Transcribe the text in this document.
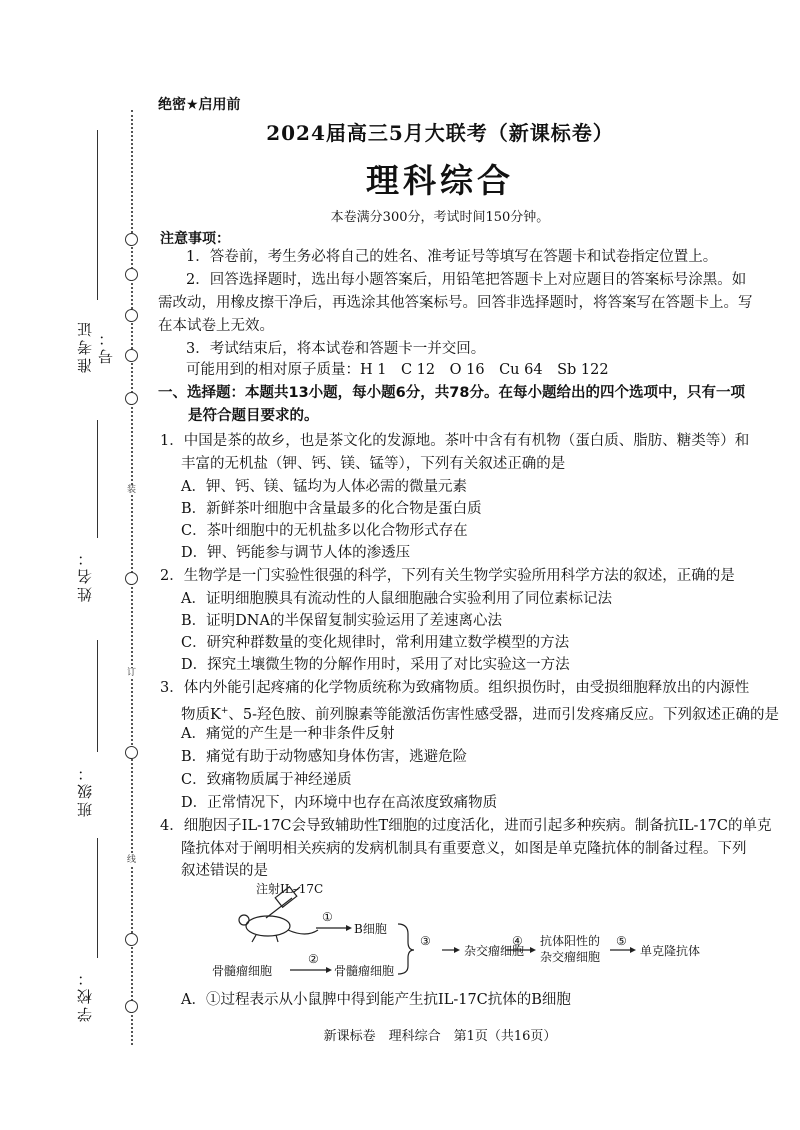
装
订
线
准考证号：
姓名：
班级：
学校：
绝密★启用前
2024届高三5月大联考（新课标卷）
理科综合
本卷满分300分，考试时间150分钟。
注意事项：
1．答卷前，考生务必将自己的姓名、准考证号等填写在答题卡和试卷指定位置上。
2．回答选择题时，选出每小题答案后，用铅笔把答题卡上对应题目的答案标号涂黑。如
需改动，用橡皮擦干净后，再选涂其他答案标号。回答非选择题时，将答案写在答题卡上。写
在本试卷上无效。
3．考试结束后，将本试卷和答题卡一并交回。
可能用到的相对原子质量：H 1　C 12　O 16　Cu 64　Sb 122
一、选择题：本题共13小题，每小题6分，共78分。在每小题给出的四个选项中，只有一项
是符合题目要求的。
1．中国是茶的故乡，也是茶文化的发源地。茶叶中含有有机物（蛋白质、脂肪、糖类等）和
丰富的无机盐（钾、钙、镁、锰等），下列有关叙述正确的是
A．钾、钙、镁、锰均为人体必需的微量元素
B．新鲜茶叶细胞中含量最多的化合物是蛋白质
C．茶叶细胞中的无机盐多以化合物形式存在
D．钾、钙能参与调节人体的渗透压
2．生物学是一门实验性很强的科学，下列有关生物学实验所用科学方法的叙述，正确的是
A．证明细胞膜具有流动性的人鼠细胞融合实验利用了同位素标记法
B．证明DNA的半保留复制实验运用了差速离心法
C．研究种群数量的变化规律时，常利用建立数学模型的方法
D．探究土壤微生物的分解作用时，采用了对比实验这一方法
3．体内外能引起疼痛的化学物质统称为致痛物质。组织损伤时，由受损细胞释放出的内源性
物质K+、5-羟色胺、前列腺素等能激活伤害性感受器，进而引发疼痛反应。下列叙述正确的是
A．痛觉的产生是一种非条件反射
B．痛觉有助于动物感知身体伤害，逃避危险
C．致痛物质属于神经递质
D．正常情况下，内环境中也存在高浓度致痛物质
4．细胞因子IL-17C会导致辅助性T细胞的过度活化，进而引起多种疾病。制备抗IL-17C的单克
隆抗体对于阐明相关疾病的发病机制具有重要意义，如图是单克隆抗体的制备过程。下列
叙述错误的是
注射IL–17C
①
B细胞
骨髓瘤细胞
②
骨髓瘤细胞
③
杂交瘤细胞
④ 抗体阳性的
杂交瘤细胞
⑤
单克隆抗体
A．①过程表示从小鼠脾中得到能产生抗IL-17C抗体的B细胞
新课标卷　理科综合　第1页（共16页）
